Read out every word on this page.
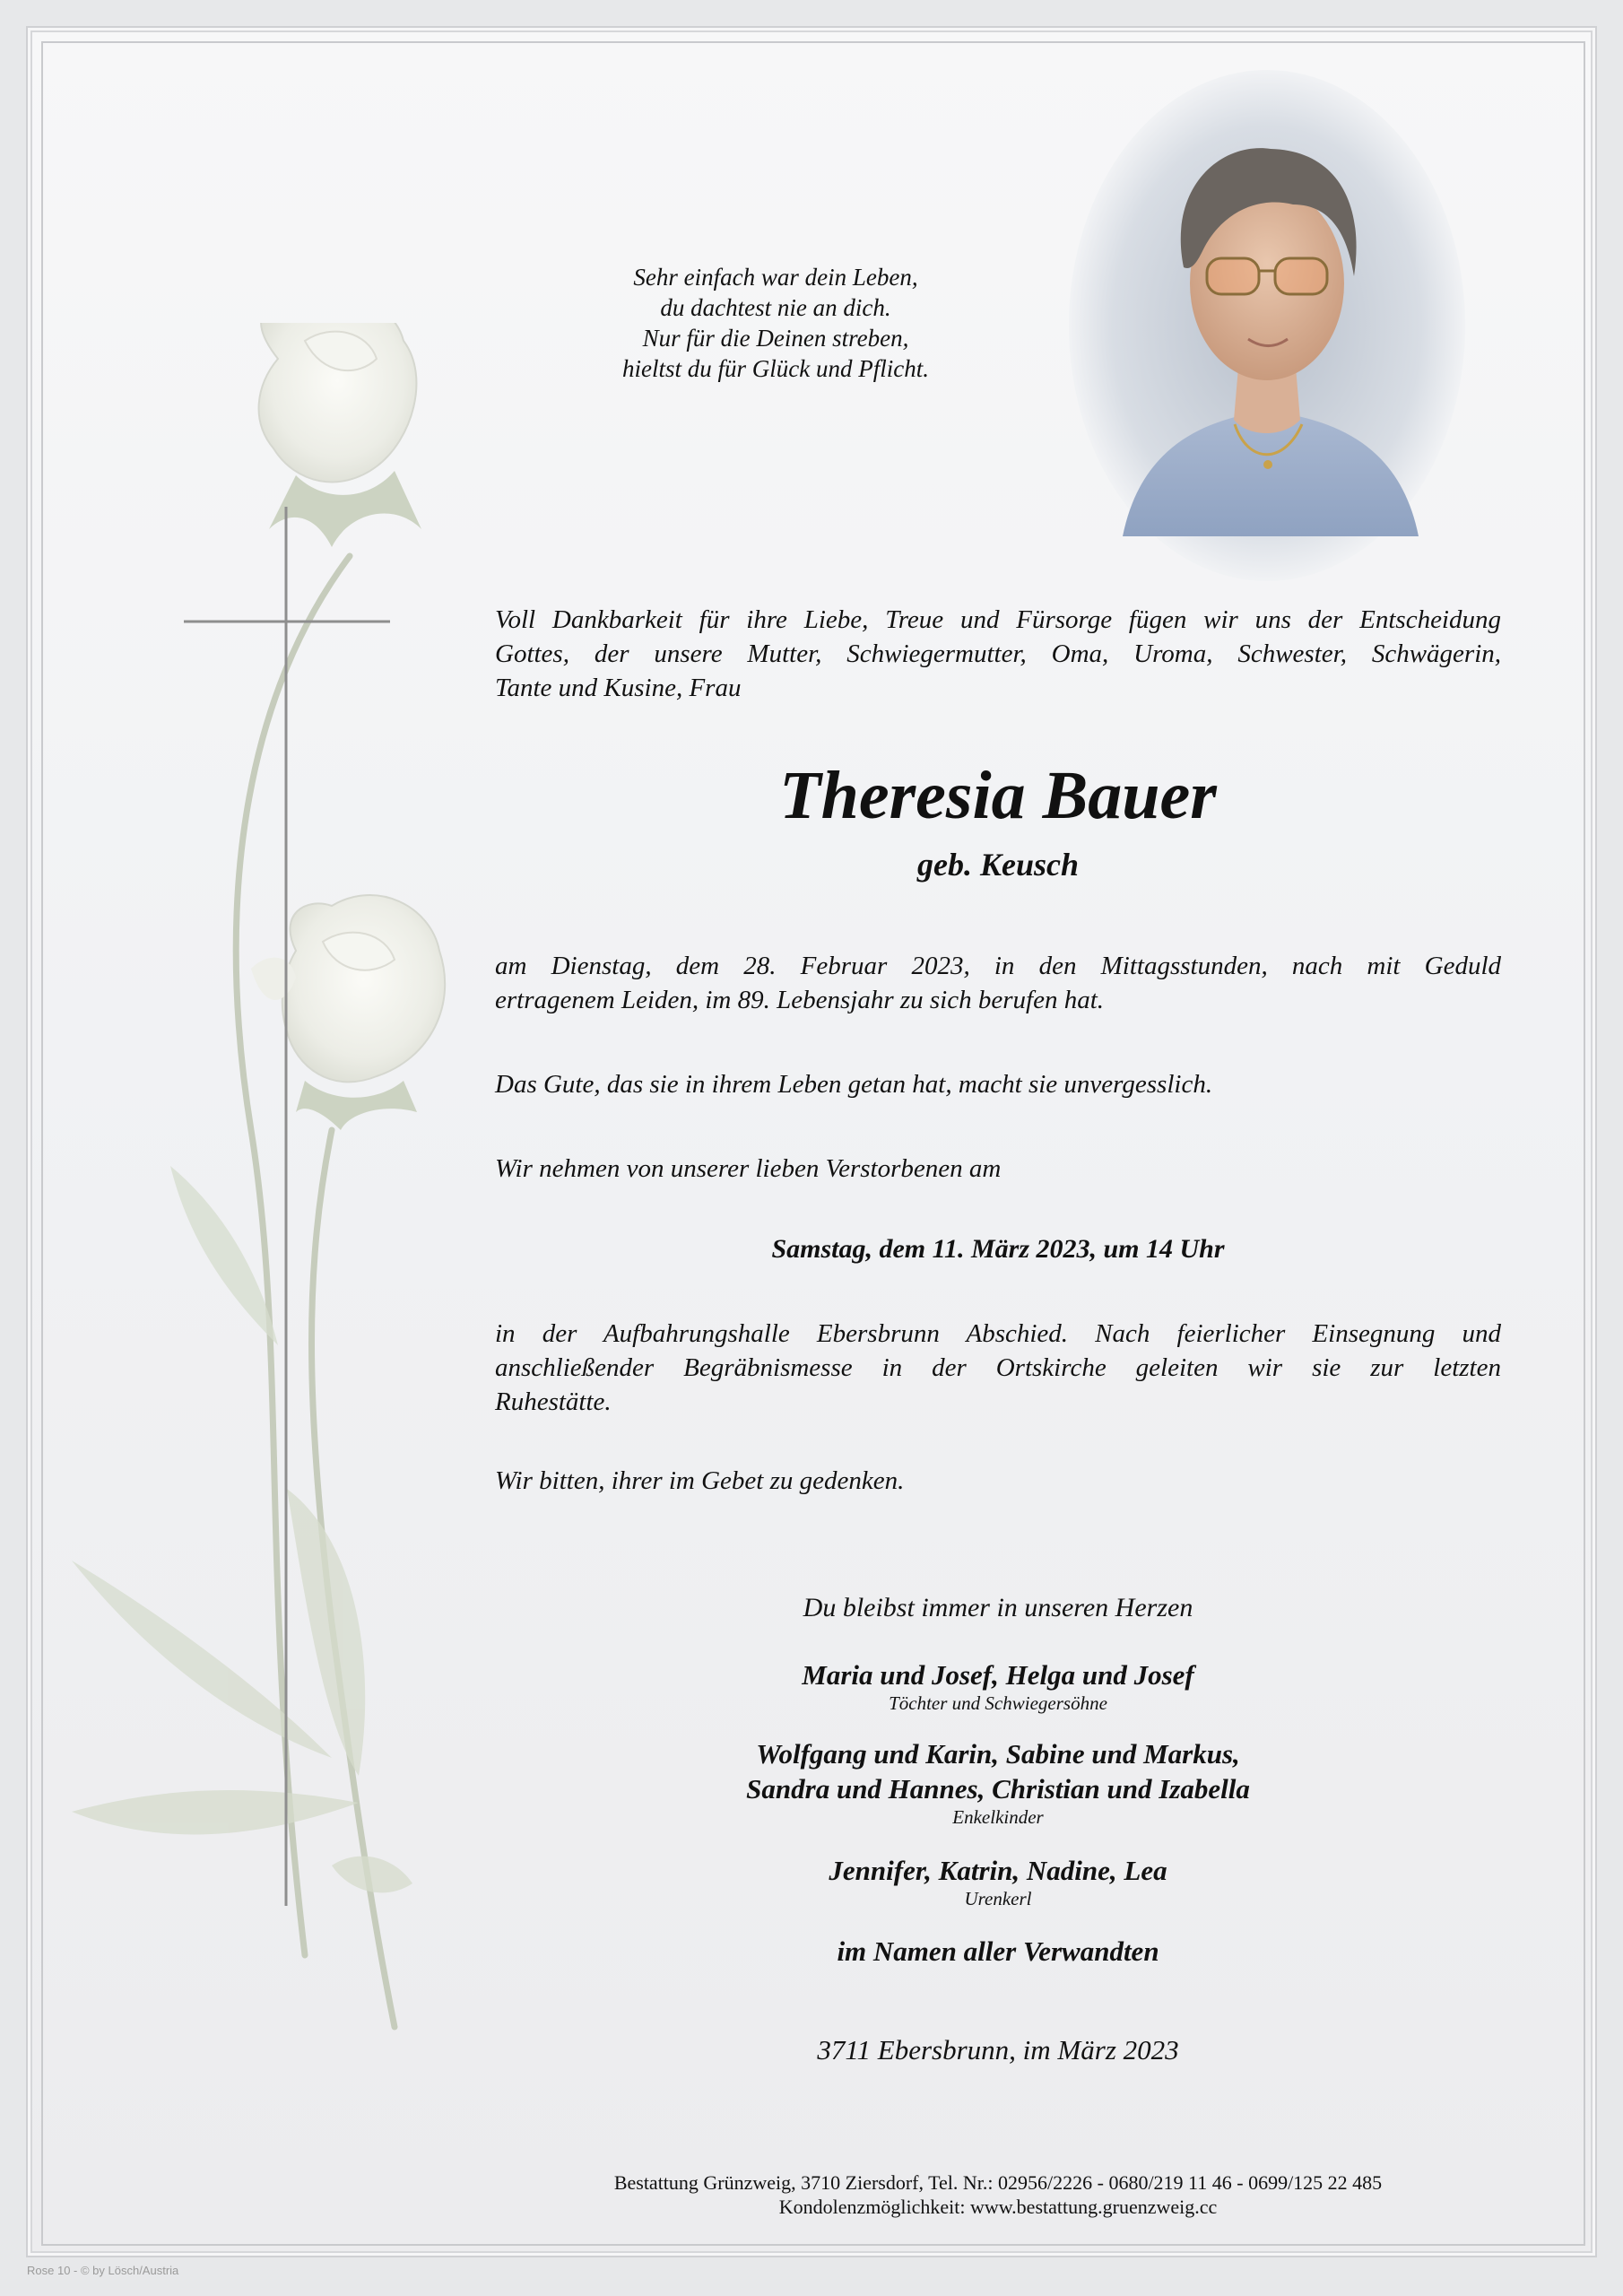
Sehr einfach war dein Leben,
du dachtest nie an dich.
Nur für die Deinen streben,
hieltst du für Glück und Pflicht.
Voll Dankbarkeit für ihre Liebe, Treue und Fürsorge fügen wir uns der Entscheidung
Gottes, der unsere Mutter, Schwiegermutter, Oma, Uroma, Schwester, Schwägerin,
Tante und Kusine, Frau
Theresia Bauer
geb. Keusch
am Dienstag, dem 28. Februar 2023, in den Mittagsstunden, nach mit Geduld
ertragenem Leiden, im 89. Lebensjahr zu sich berufen hat.
Das Gute, das sie in ihrem Leben getan hat, macht sie unvergesslich.
Wir nehmen von unserer lieben Verstorbenen am
Samstag, dem 11. März 2023, um 14 Uhr
in der Aufbahrungshalle Ebersbrunn Abschied. Nach feierlicher Einsegnung und
anschließender Begräbnismesse in der Ortskirche geleiten wir sie zur letzten
Ruhestätte.
Wir bitten, ihrer im Gebet zu gedenken.
Du bleibst immer in unseren Herzen
Maria und Josef, Helga und Josef
Töchter und Schwiegersöhne
Wolfgang und Karin, Sabine und Markus,
Sandra und Hannes, Christian und Izabella
Enkelkinder
Jennifer, Katrin, Nadine, Lea
Urenkerl
im Namen aller Verwandten
3711 Ebersbrunn, im März 2023
Bestattung Grünzweig, 3710 Ziersdorf, Tel. Nr.: 02956/2226 - 0680/219 11 46 - 0699/125 22 485
Kondolenzmöglichkeit: www.bestattung.gruenzweig.cc
Rose 10 - © by Lösch/Austria
